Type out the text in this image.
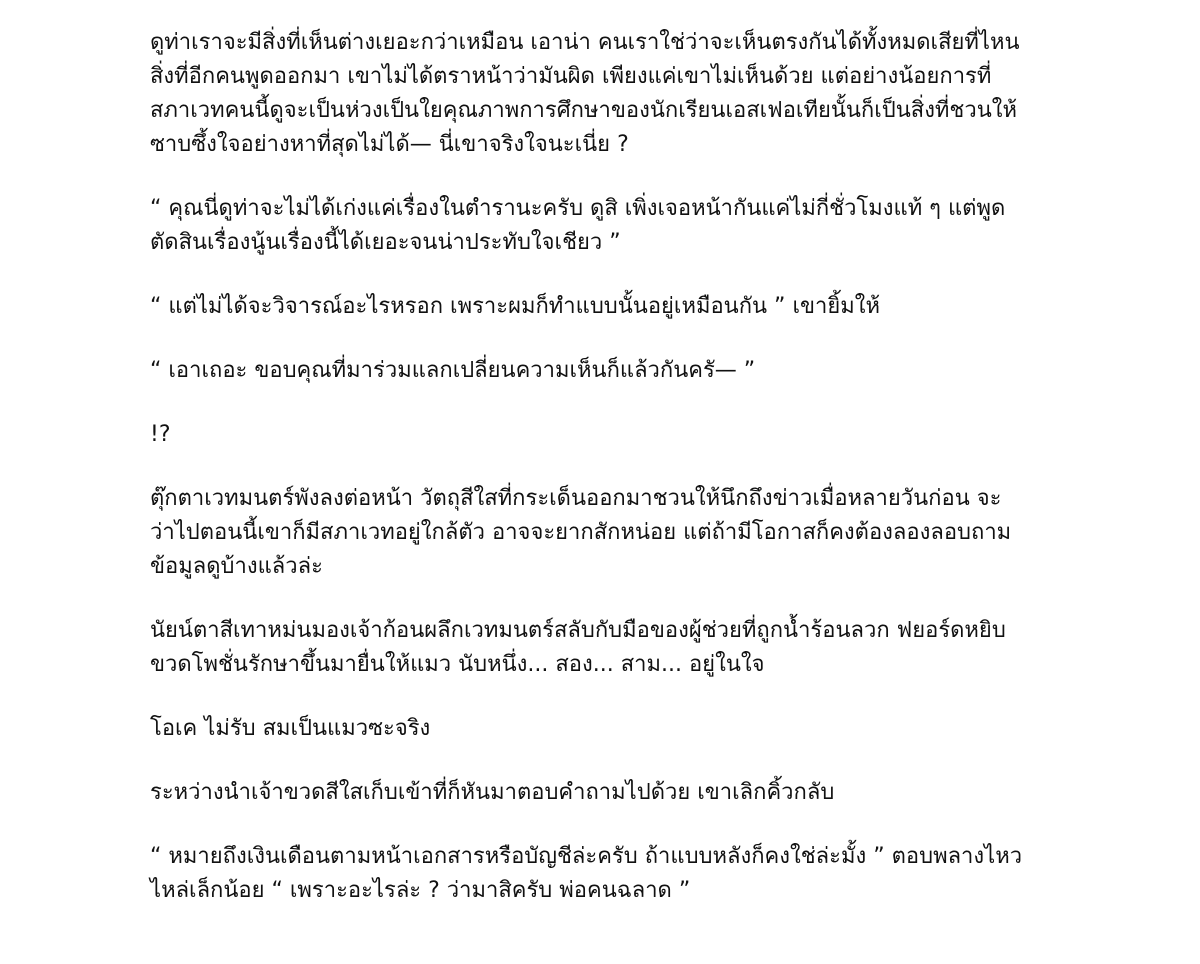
ดูท่าเราจะมีสิ่งที่เห็นต่างเยอะกว่าเหมือน เอาน่า คนเราใช่ว่าจะเห็นตรงกันได้ทั้งหมดเสียที่ไหน
สิ่งที่อีกคนพูดออกมา เขาไม่ได้ตราหน้าว่ามันผิด เพียงแค่เขาไม่เห็นด้วย แต่อย่างน้อยการที่
สภาเวทคนนี้ดูจะเป็นห่วงเป็นใยคุณภาพการศึกษาของนักเรียนเอสเฟอเทียนั้นก็เป็นสิ่งที่ชวนให้
ซาบซึ้งใจอย่างหาที่สุดไม่ได้— นี่เขาจริงใจนะเนี่ย ?

“ คุณนี่ดูท่าจะไม่ได้เก่งแค่เรื่องในตำรานะครับ ดูสิ เพิ่งเจอหน้ากันแค่ไม่กี่ชั่วโมงแท้ ๆ แต่พูด
ตัดสินเรื่องนู้นเรื่องนี้ได้เยอะจนน่าประทับใจเชียว ”

“ แต่ไม่ได้จะวิจารณ์อะไรหรอก เพราะผมก็ทำแบบนั้นอยู่เหมือนกัน ” เขายิ้มให้

“ เอาเถอะ ขอบคุณที่มาร่วมแลกเปลี่ยนความเห็นก็แล้วกันครั— ”

!?

ตุ๊กตาเวทมนตร์พังลงต่อหน้า วัตถุสีใสที่กระเด็นออกมาชวนให้นึกถึงข่าวเมื่อหลายวันก่อน จะ
ว่าไปตอนนี้เขาก็มีสภาเวทอยู่ใกล้ตัว อาจจะยากสักหน่อย แต่ถ้ามีโอกาสก็คงต้องลองลอบถาม
ข้อมูลดูบ้างแล้วล่ะ

นัยน์ตาสีเทาหม่นมองเจ้าก้อนผลึกเวทมนตร์สลับกับมือของผู้ช่วยที่ถูกน้ำร้อนลวก ฟยอร์ดหยิบ
ขวดโพชั่นรักษาขึ้นมายื่นให้แมว นับหนึ่ง... สอง... สาม... อยู่ในใจ

โอเค ไม่รับ สมเป็นแมวซะจริง

ระหว่างนำเจ้าขวดสีใสเก็บเข้าที่ก็หันมาตอบคำถามไปด้วย เขาเลิกคิ้วกลับ

“ หมายถึงเงินเดือนตามหน้าเอกสารหรือบัญชีล่ะครับ ถ้าแบบหลังก็คงใช่ล่ะมั้ง ” ตอบพลางไหว
ไหล่เล็กน้อย “ เพราะอะไรล่ะ ? ว่ามาสิครับ พ่อคนฉลาด ”
